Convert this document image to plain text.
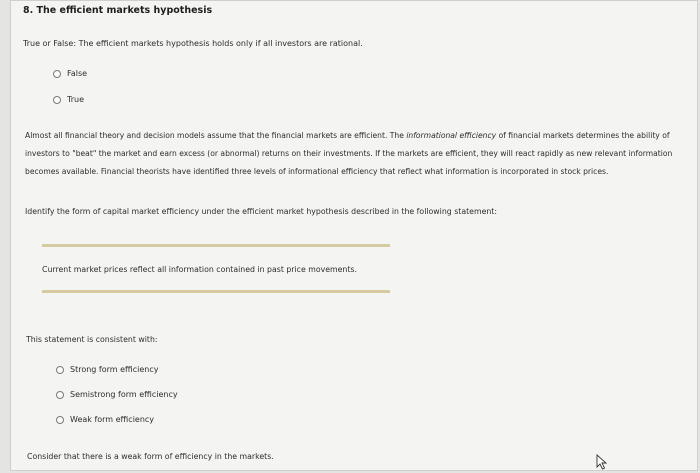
8. The efficient markets hypothesis
True or False: The efficient markets hypothesis holds only if all investors are rational.
False
True
Almost all financial theory and decision models assume that the financial markets are efficient. The informational efficiency of financial markets determines the ability of investors to "beat" the market and earn excess (or abnormal) returns on their investments. If the markets are efficient, they will react rapidly as new relevant information becomes available. Financial theorists have identified three levels of informational efficiency that reflect what information is incorporated in stock prices.
Identify the form of capital market efficiency under the efficient market hypothesis described in the following statement:
Current market prices reflect all information contained in past price movements.
This statement is consistent with:
Strong form efficiency
Semistrong form efficiency
Weak form efficiency
Consider that there is a weak form of efficiency in the markets.
